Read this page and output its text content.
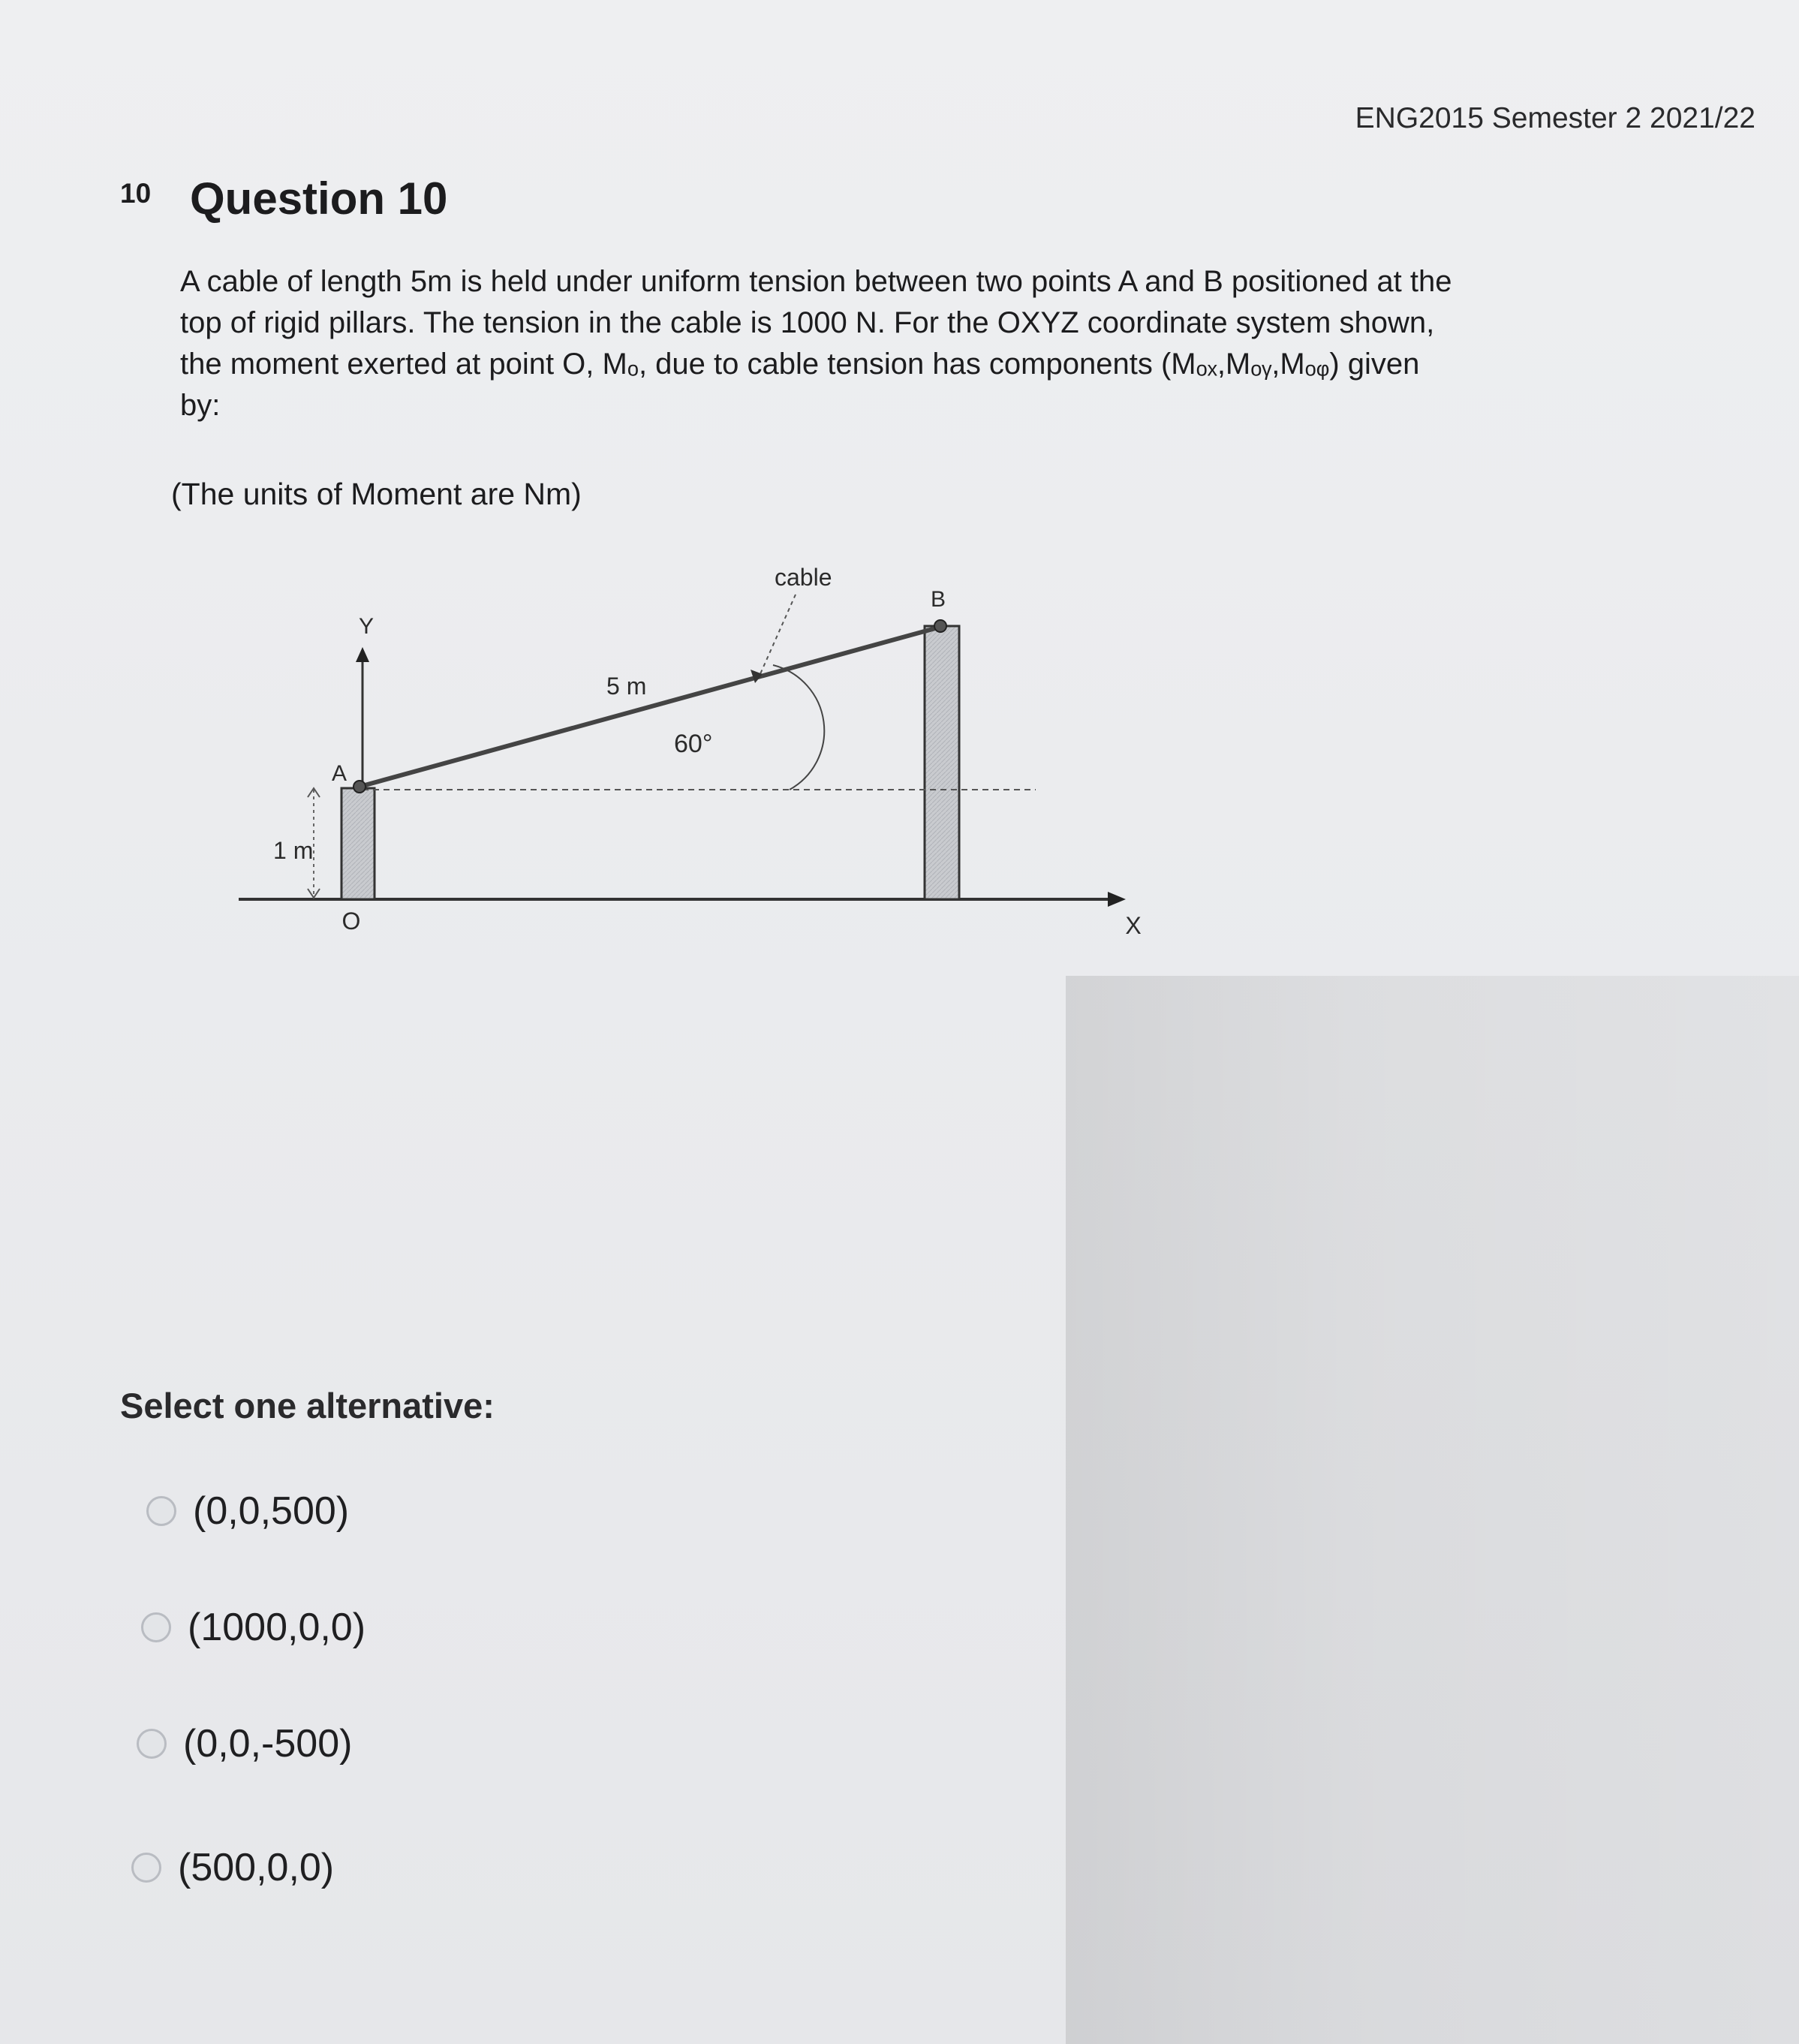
ENG2015 Semester 2 2021/22
10 Question 10
A cable of length 5m is held under uniform tension between two points A and B positioned at the
top of rigid pillars. The tension in the cable is 1000 N. For the OXYZ coordinate system shown,
the moment exerted at point O, Mₒ, due to cable tension has components (Mₒₓ,Mₒᵧ,Mₒᵩ) given
by:
(The units of Moment are Nm)
cable
B
Y
5 m
60°
A
1 m
O	X
Select one alternative:
(0,0,500)
(1000,0,0)
(0,0,-500)
(500,0,0)
